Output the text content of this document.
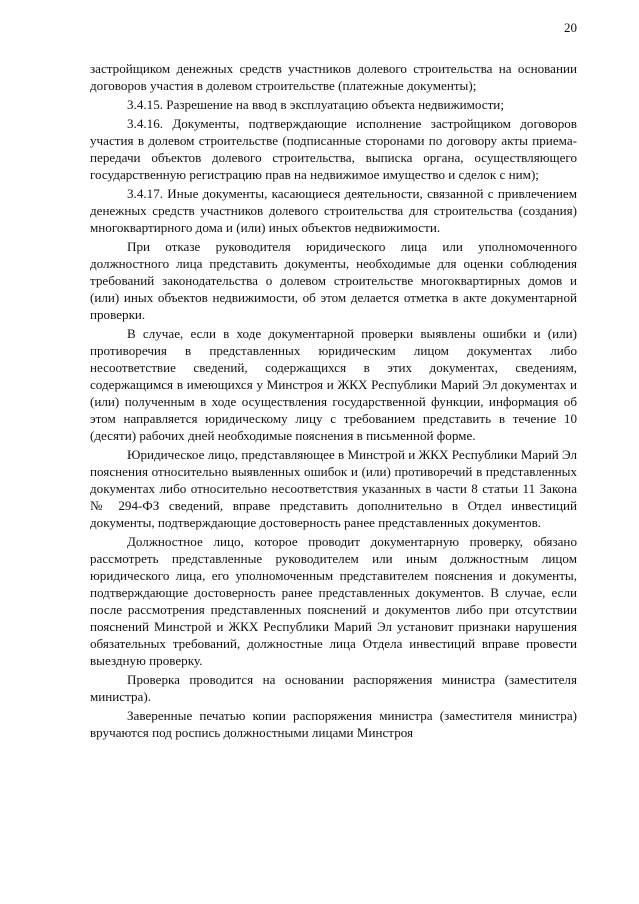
20

застройщиком денежных средств участников долевого строительства на основании договоров участия в долевом строительстве (платежные документы);

3.4.15. Разрешение на ввод в эксплуатацию объекта недвижимости;

3.4.16. Документы, подтверждающие исполнение застройщиком договоров участия в долевом строительстве (подписанные сторонами по договору акты приема-передачи объектов долевого строительства, выписка органа, осуществляющего государственную регистрацию прав на недвижимое имущество и сделок с ним);

3.4.17. Иные документы, касающиеся деятельности, связанной с привлечением денежных средств участников долевого строительства для строительства (создания) многоквартирного дома и (или) иных объектов недвижимости.

При отказе руководителя юридического лица или уполномоченного должностного лица представить документы, необходимые для оценки соблюдения требований законодательства о долевом строительстве многоквартирных домов и (или) иных объектов недвижимости, об этом делается отметка в акте документарной проверки.

В случае, если в ходе документарной проверки выявлены ошибки и (или) противоречия в представленных юридическим лицом документах либо несоответствие сведений, содержащихся в этих документах, сведениям, содержащимся в имеющихся у Минстроя и ЖКХ Республики Марий Эл документах и (или) полученным в ходе осуществления государственной функции, информация об этом направляется юридическому лицу с требованием представить в течение 10 (десяти) рабочих дней необходимые пояснения в письменной форме.

Юридическое лицо, представляющее в Минстрой и ЖКХ Республики Марий Эл пояснения относительно выявленных ошибок и (или) противоречий в представленных документах либо относительно несоответствия указанных в части 8 статьи 11 Закона № 294-ФЗ сведений, вправе представить дополнительно в Отдел инвестиций документы, подтверждающие достоверность ранее представленных документов.

Должностное лицо, которое проводит документарную проверку, обязано рассмотреть представленные руководителем или иным должностным лицом юридического лица, его уполномоченным представителем пояснения и документы, подтверждающие достоверность ранее представленных документов. В случае, если после рассмотрения представленных пояснений и документов либо при отсутствии пояснений Минстрой и ЖКХ Республики Марий Эл установит признаки нарушения обязательных требований, должностные лица Отдела инвестиций вправе провести выездную проверку.

Проверка проводится на основании распоряжения министра (заместителя министра).

Заверенные печатью копии распоряжения министра (заместителя министра) вручаются под роспись должностными лицами Минстроя
